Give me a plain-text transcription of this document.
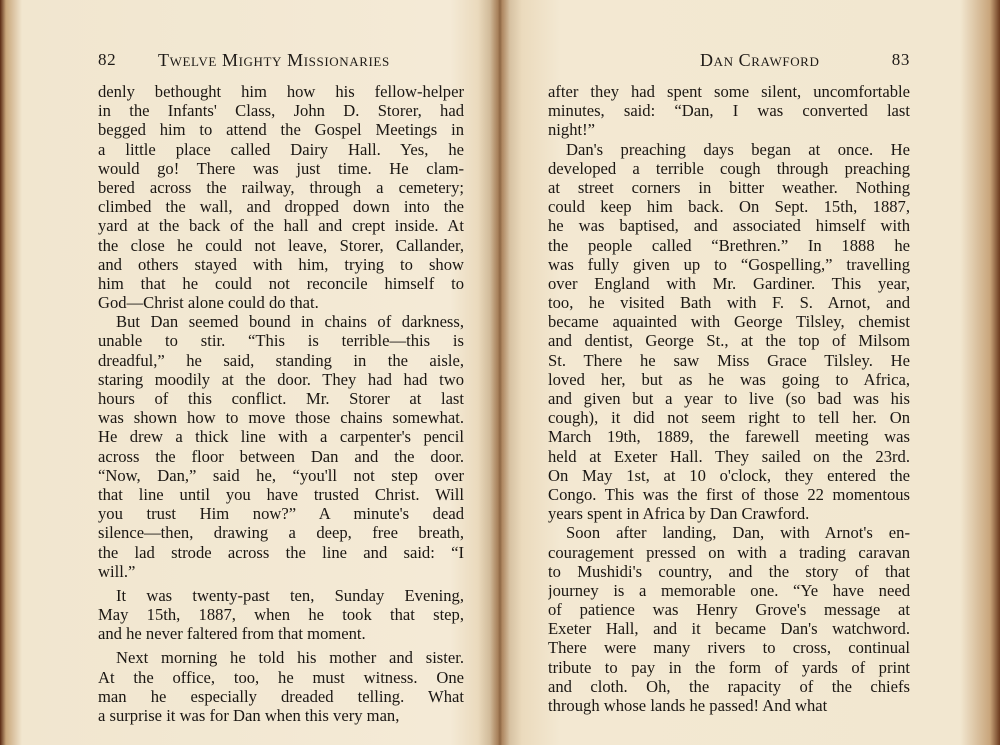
82 Twelve Mighty Missionaries
denly bethought him how his fellow-helper
in the Infants' Class, John D. Storer, had
begged him to attend the Gospel Meetings in
a little place called Dairy Hall. Yes, he
would go! There was just time. He clam-
bered across the railway, through a cemetery;
climbed the wall, and dropped down into the
yard at the back of the hall and crept inside. At
the close he could not leave, Storer, Callander,
and others stayed with him, trying to show
him that he could not reconcile himself to
God—Christ alone could do that.
But Dan seemed bound in chains of darkness,
unable to stir. “This is terrible—this is
dreadful,” he said, standing in the aisle,
staring moodily at the door. They had had two
hours of this conflict. Mr. Storer at last
was shown how to move those chains somewhat.
He drew a thick line with a carpenter's pencil
across the floor between Dan and the door.
“Now, Dan,” said he, “you'll not step over
that line until you have trusted Christ. Will
you trust Him now?” A minute's dead
silence—then, drawing a deep, free breath,
the lad strode across the line and said: “I
will.”
It was twenty-past ten, Sunday Evening,
May 15th, 1887, when he took that step,
and he never faltered from that moment.
Next morning he told his mother and sister.
At the office, too, he must witness. One
man he especially dreaded telling. What
a surprise it was for Dan when this very man,
Dan Crawford	83
after they had spent some silent, uncomfortable
minutes, said: “Dan, I was converted last
night!”
Dan's preaching days began at once. He
developed a terrible cough through preaching
at street corners in bitter weather. Nothing
could keep him back. On Sept. 15th, 1887,
he was baptised, and associated himself with
the people called “Brethren.” In 1888 he
was fully given up to “Gospelling,” travelling
over England with Mr. Gardiner. This year,
too, he visited Bath with F. S. Arnot, and
became aquainted with George Tilsley, chemist
and dentist, George St., at the top of Milsom
St. There he saw Miss Grace Tilsley. He
loved her, but as he was going to Africa,
and given but a year to live (so bad was his
cough), it did not seem right to tell her. On
March 19th, 1889, the farewell meeting was
held at Exeter Hall. They sailed on the 23rd.
On May 1st, at 10 o'clock, they entered the
Congo. This was the first of those 22 momentous
years spent in Africa by Dan Crawford.
Soon after landing, Dan, with Arnot's en-
couragement pressed on with a trading caravan
to Mushidi's country, and the story of that
journey is a memorable one. “Ye have need
of patience was Henry Grove's message at
Exeter Hall, and it became Dan's watchword.
There were many rivers to cross, continual
tribute to pay in the form of yards of print
and cloth. Oh, the rapacity of the chiefs
through whose lands he passed! And what
